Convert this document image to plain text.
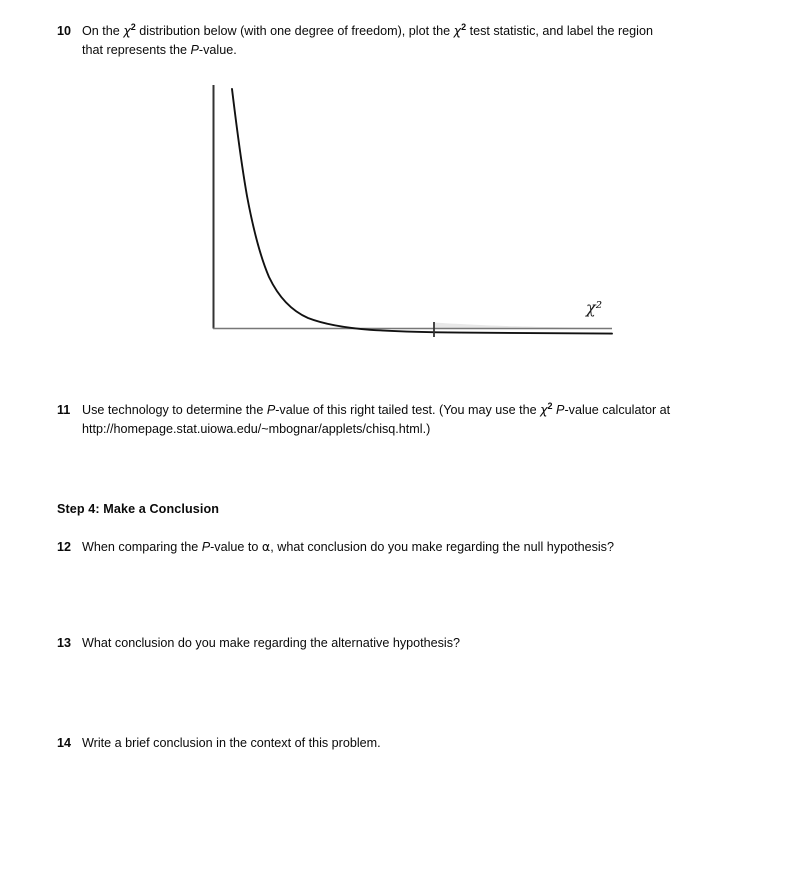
10 On the $\chi^2$ distribution below (with one degree of freedom), plot the $\chi^2$ test statistic, and label the region
that represents the P-value.
χ²
11 Use technology to determine the P-value of this right tailed test. (You may use the $\chi^2$ P-value calculator at
http://homepage.stat.uiowa.edu/~mbognar/applets/chisq.html.)
Step 4: Make a Conclusion
12 When comparing the P-value to α, what conclusion do you make regarding the null hypothesis?
13 What conclusion do you make regarding the alternative hypothesis?
14 Write a brief conclusion in the context of this problem.
